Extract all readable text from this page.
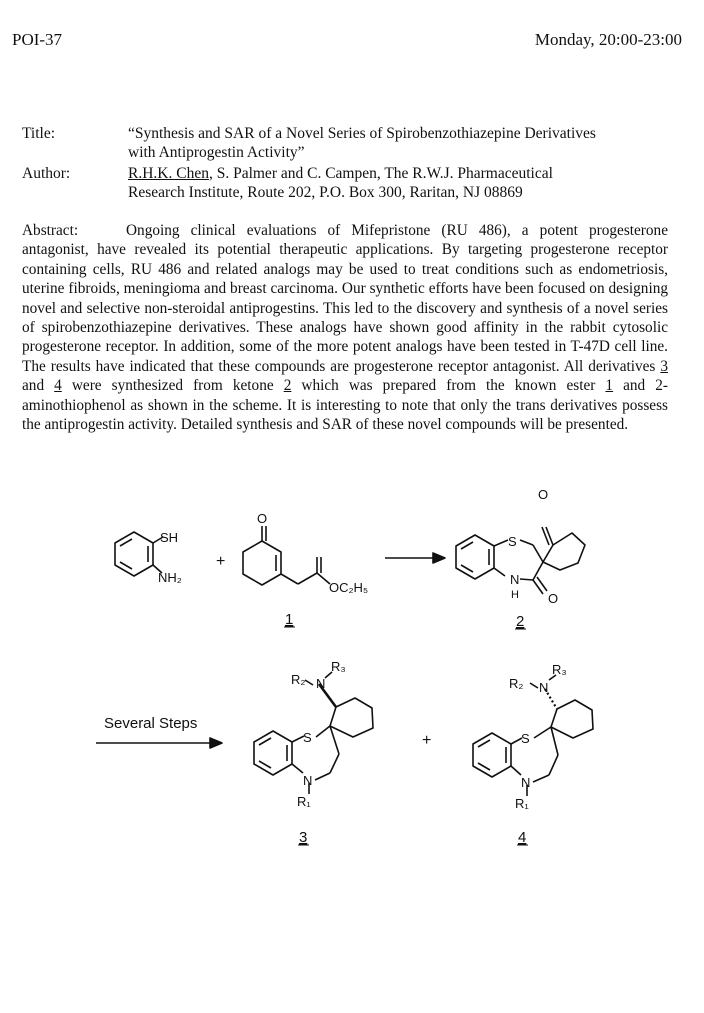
POI-37	Monday, 20:00-23:00
Title:	“Synthesis and SAR of a Novel Series of Spirobenzothiazepine Derivatives
with Antiprogestin Activity”
Author:	R.H.K. Chen, S. Palmer and C. Campen, The R.W.J. Pharmaceutical
Research Institute, Route 202, P.O. Box 300, Raritan, NJ 08869
Abstract:	Ongoing clinical evaluations of Mifepristone (RU 486), a potent progesterone antagonist, have revealed its potential therapeutic applications. By targeting progesterone receptor containing cells, RU 486 and related analogs may be used to treat conditions such as endometriosis, uterine fibroids, meningioma and breast carcinoma. Our synthetic efforts have been focused on designing novel and selective non-steroidal antiprogestins. This led to the discovery and synthesis of a novel series of spirobenzothiazepine derivatives. These analogs have shown good affinity in the rabbit cytosolic progesterone receptor. In addition, some of the more potent analogs have been tested in T-47D cell line. The results have indicated that these compounds are progesterone receptor antagonist. All derivatives 3 and 4 were synthesized from ketone 2 which was prepared from the known ester 1 and 2-aminothiophenol as shown in the scheme. It is interesting to note that only the trans derivatives possess the antiprogestin activity. Detailed synthesis and SAR of these novel compounds will be presented.
SH
NH₂
+
O
OC₂H₅
O
S
N
H O
R₂ N
R₃
S
N
R₁
+
R₂ N
R₃
S
N
R₁
Several Steps
1	2
3	4
